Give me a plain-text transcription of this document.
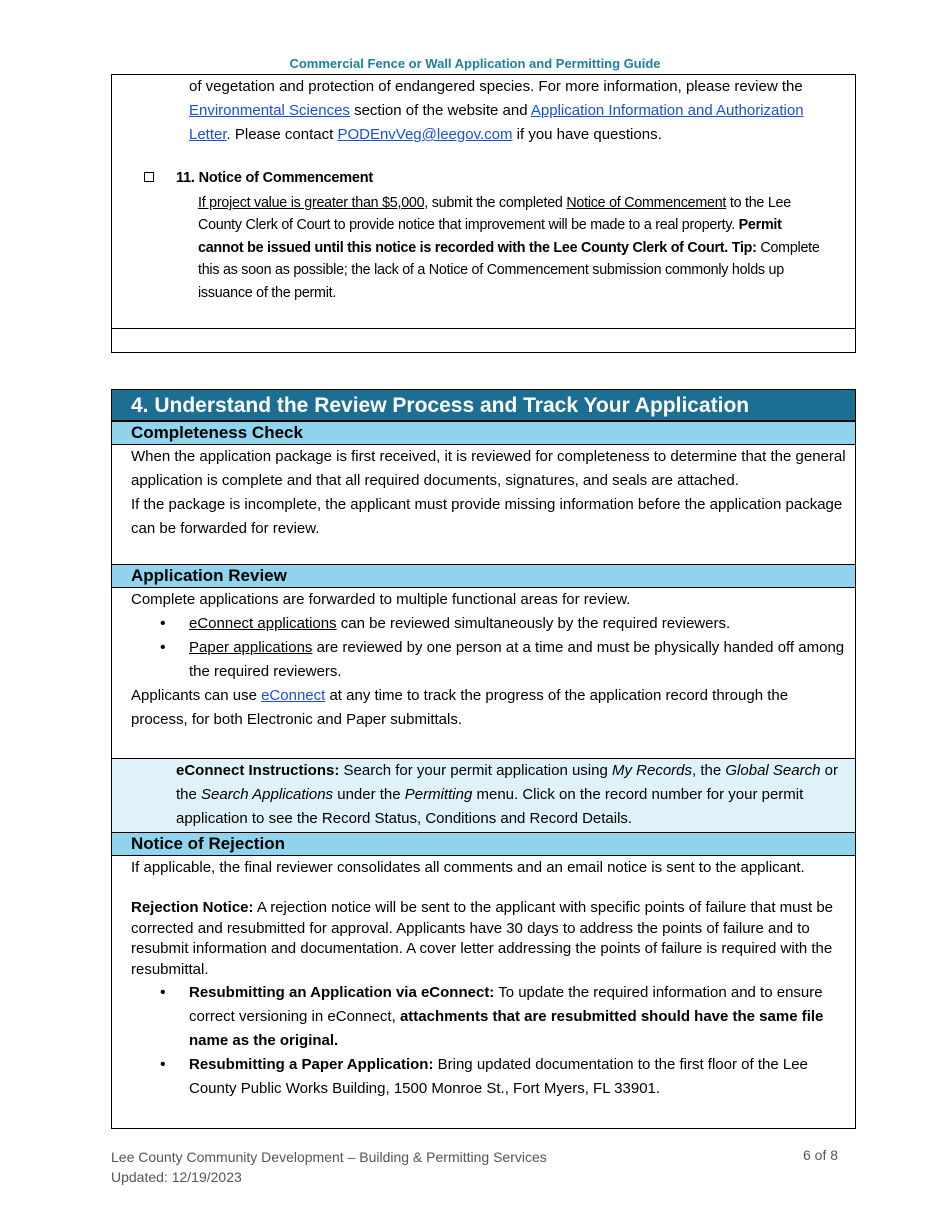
Commercial Fence or Wall Application and Permitting Guide
of vegetation and protection of endangered species. For more information, please review the Environmental Sciences section of the website and Application Information and Authorization Letter. Please contact PODEnvVeg@leegov.com if you have questions.
11. Notice of Commencement
If project value is greater than $5,000, submit the completed Notice of Commencement to the Lee County Clerk of Court to provide notice that improvement will be made to a real property. Permit cannot be issued until this notice is recorded with the Lee County Clerk of Court. Tip: Complete this as soon as possible; the lack of a Notice of Commencement submission commonly holds up issuance of the permit.
4. Understand the Review Process and Track Your Application
Completeness Check
When the application package is first received, it is reviewed for completeness to determine that the general application is complete and that all required documents, signatures, and seals are attached.
If the package is incomplete, the applicant must provide missing information before the application package can be forwarded for review.
Application Review
Complete applications are forwarded to multiple functional areas for review.
• eConnect applications can be reviewed simultaneously by the required reviewers.
• Paper applications are reviewed by one person at a time and must be physically handed off among the required reviewers.
Applicants can use eConnect at any time to track the progress of the application record through the process, for both Electronic and Paper submittals.
eConnect Instructions: Search for your permit application using My Records, the Global Search or the Search Applications under the Permitting menu. Click on the record number for your permit application to see the Record Status, Conditions and Record Details.
Notice of Rejection
If applicable, the final reviewer consolidates all comments and an email notice is sent to the applicant.
Rejection Notice: A rejection notice will be sent to the applicant with specific points of failure that must be corrected and resubmitted for approval. Applicants have 30 days to address the points of failure and to resubmit information and documentation. A cover letter addressing the points of failure is required with the resubmittal.
• Resubmitting an Application via eConnect: To update the required information and to ensure correct versioning in eConnect, attachments that are resubmitted should have the same file name as the original.
• Resubmitting a Paper Application: Bring updated documentation to the first floor of the Lee County Public Works Building, 1500 Monroe St., Fort Myers, FL 33901.
Lee County Community Development – Building & Permitting Services
Updated: 12/19/2023
6 of 8
